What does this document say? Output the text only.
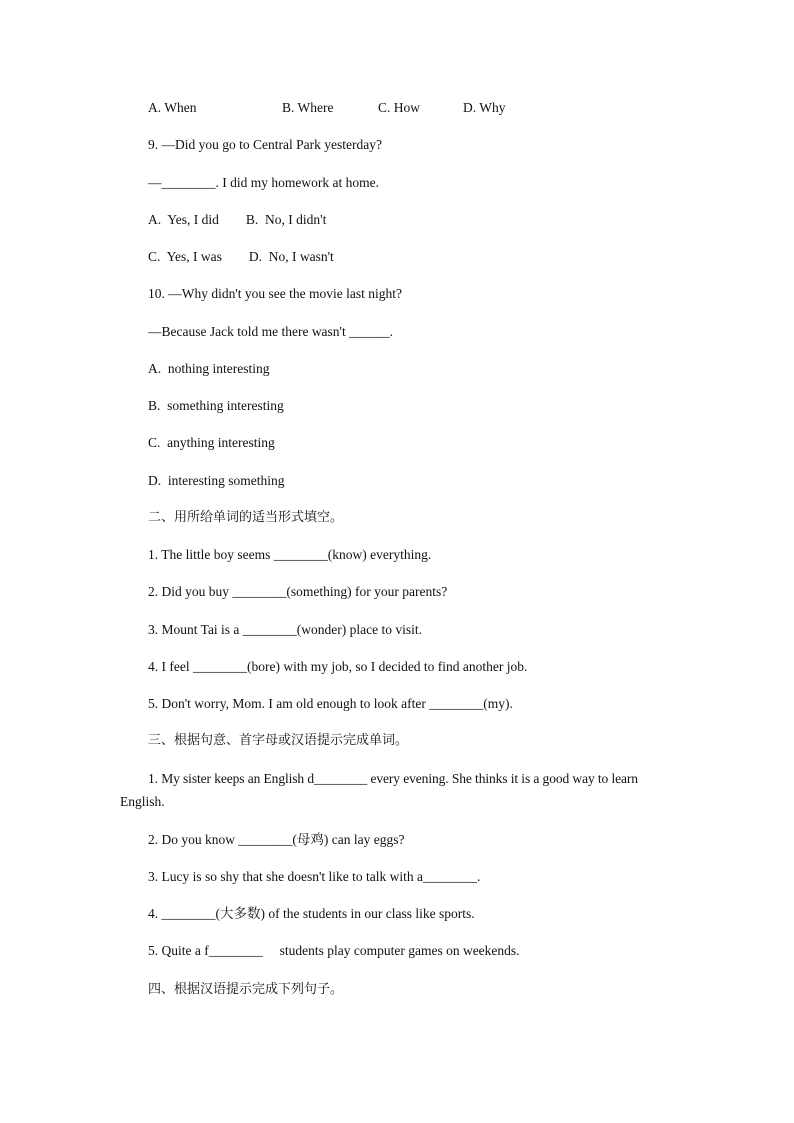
A. When	B. Where	C. How	D. Why
9. —Did you go to Central Park yesterday?
—________. I did my homework at home.
A.  Yes, I did        B.  No, I didn't
C.  Yes, I was        D.  No, I wasn't
10. —Why didn't you see the movie last night?
—Because Jack told me there wasn't ______.
A.  nothing interesting
B.  something interesting
C.  anything interesting
D.  interesting something
二、用所给单词的适当形式填空。
1. The little boy seems ________(know) everything.
2. Did you buy ________(something) for your parents?
3. Mount Tai is a ________(wonder) place to visit.
4. I feel ________(bore) with my job, so I decided to find another job.
5. Don't worry, Mom. I am old enough to look after ________(my).
三、根据句意、首字母或汉语提示完成单词。
1. My sister keeps an English d________ every evening. She thinks it is a good way to learn
English.
2. Do you know ________(母鸡) can lay eggs?
3. Lucy is so shy that she doesn't like to talk with a________.
4. ________(大多数) of the students in our class like sports.
5. Quite a f________     students play computer games on weekends.
四、根据汉语提示完成下列句子。
